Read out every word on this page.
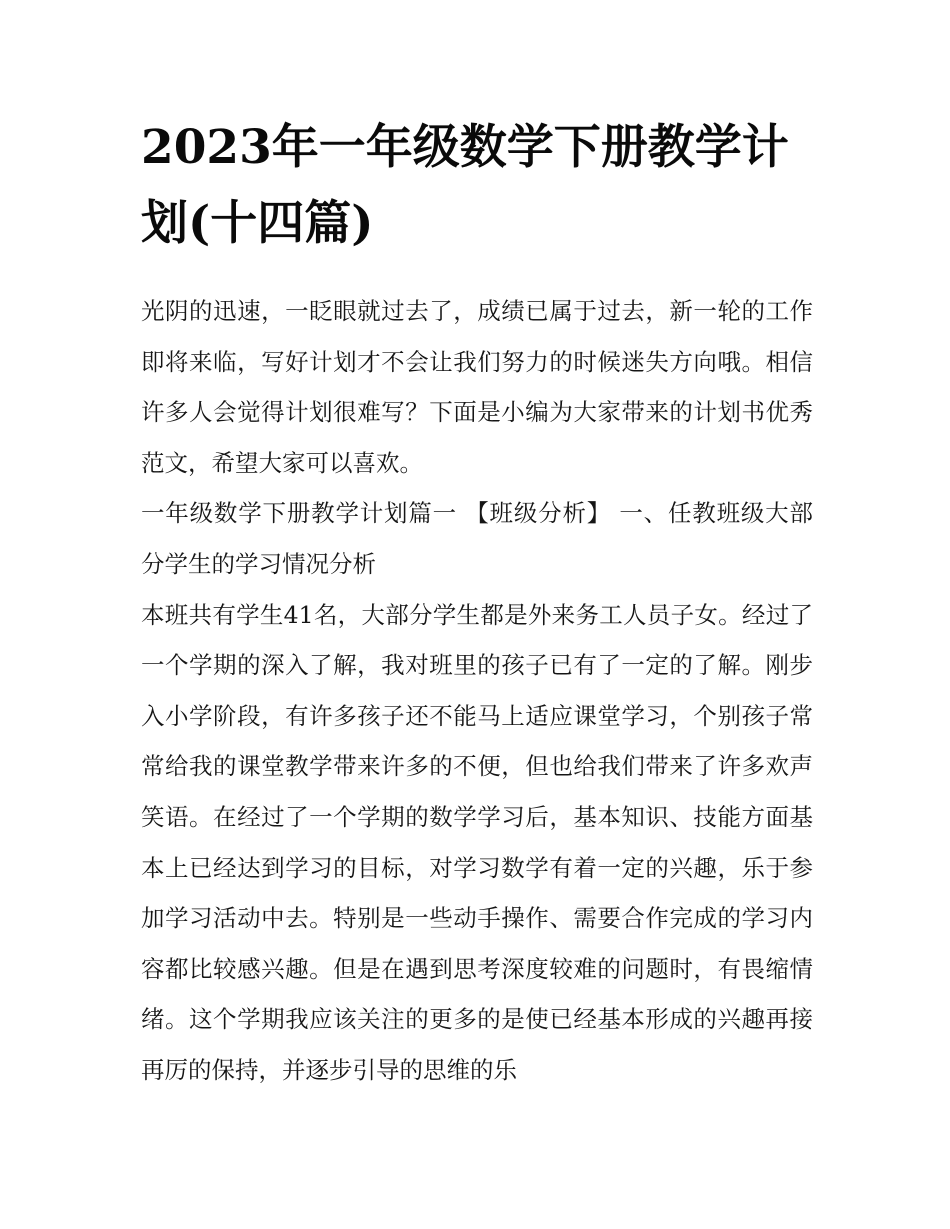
2023年一年级数学下册教学计划(十四篇)

光阴的迅速，一眨眼就过去了，成绩已属于过去，新一轮的工作即将来临，写好计划才不会让我们努力的时候迷失方向哦。相信许多人会觉得计划很难写？下面是小编为大家带来的计划书优秀范文，希望大家可以喜欢。

一年级数学下册教学计划篇一 【班级分析】 一、任教班级大部分学生的学习情况分析

本班共有学生41名，大部分学生都是外来务工人员子女。经过了一个学期的深入了解，我对班里的孩子已有了一定的了解。刚步入小学阶段，有许多孩子还不能马上适应课堂学习，个别孩子常常给我的课堂教学带来许多的不便，但也给我们带来了许多欢声笑语。在经过了一个学期的数学学习后，基本知识、技能方面基本上已经达到学习的目标，对学习数学有着一定的兴趣，乐于参加学习活动中去。特别是一些动手操作、需要合作完成的学习内容都比较感兴趣。但是在遇到思考深度较难的问题时，有畏缩情绪。这个学期我应该关注的更多的是使已经基本形成的兴趣再接再厉的保持，并逐步引导的思维的乐
